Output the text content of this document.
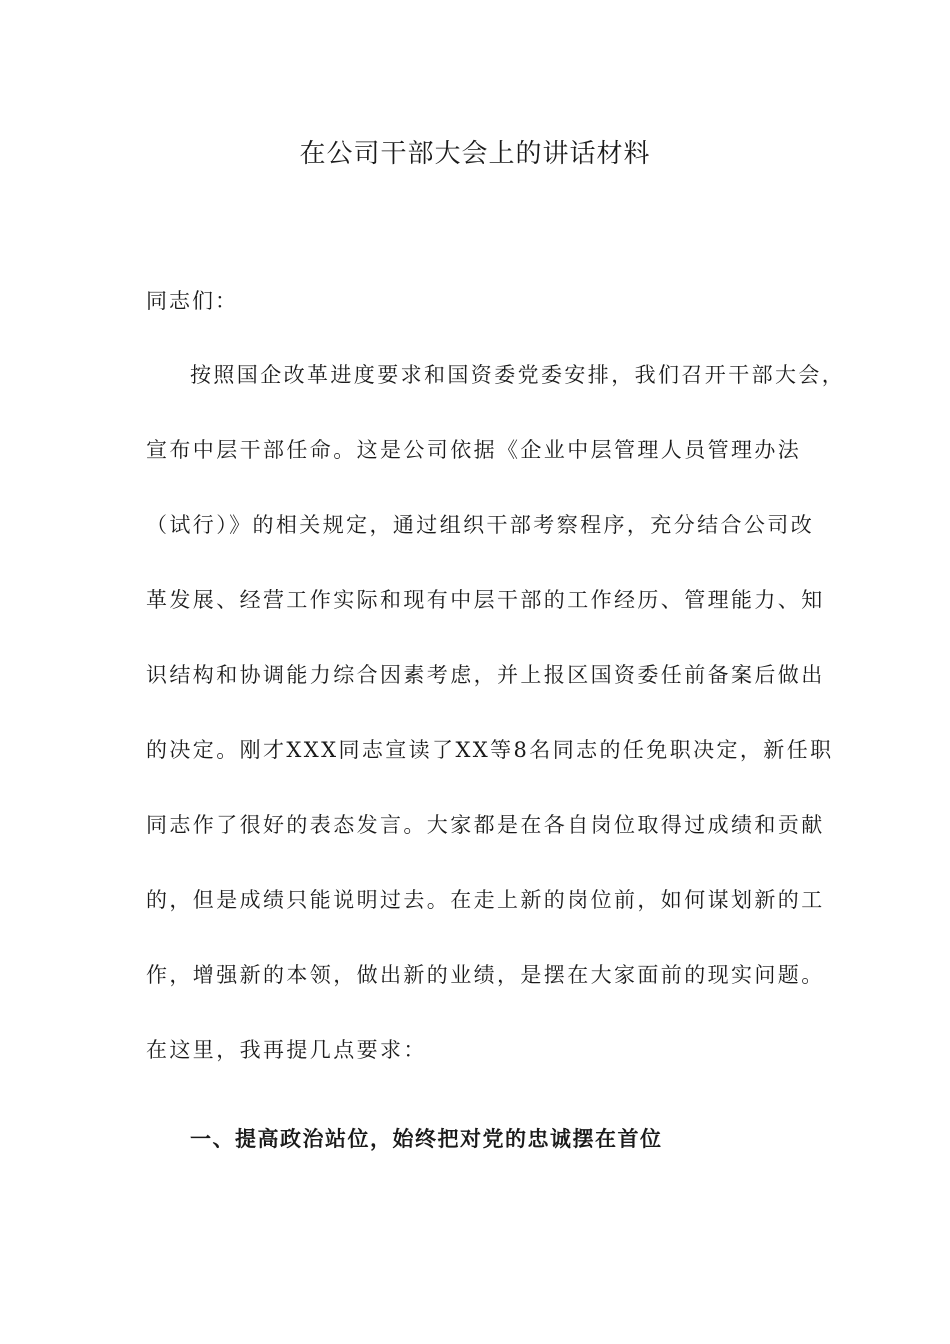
在公司干部大会上的讲话材料

同志们：

按照国企改革进度要求和国资委党委安排，我们召开干部大会，

宣布中层干部任命。这是公司依据《企业中层管理人员管理办法

（试行）》的相关规定，通过组织干部考察程序，充分结合公司改

革发展、经营工作实际和现有中层干部的工作经历、管理能力、知

识结构和协调能力综合因素考虑，并上报区国资委任前备案后做出

的决定。刚才XXX同志宣读了XX等8名同志的任免职决定，新任职

同志作了很好的表态发言。大家都是在各自岗位取得过成绩和贡献

的，但是成绩只能说明过去。在走上新的岗位前，如何谋划新的工

作，增强新的本领，做出新的业绩，是摆在大家面前的现实问题。

在这里，我再提几点要求：

一、提高政治站位，始终把对党的忠诚摆在首位
